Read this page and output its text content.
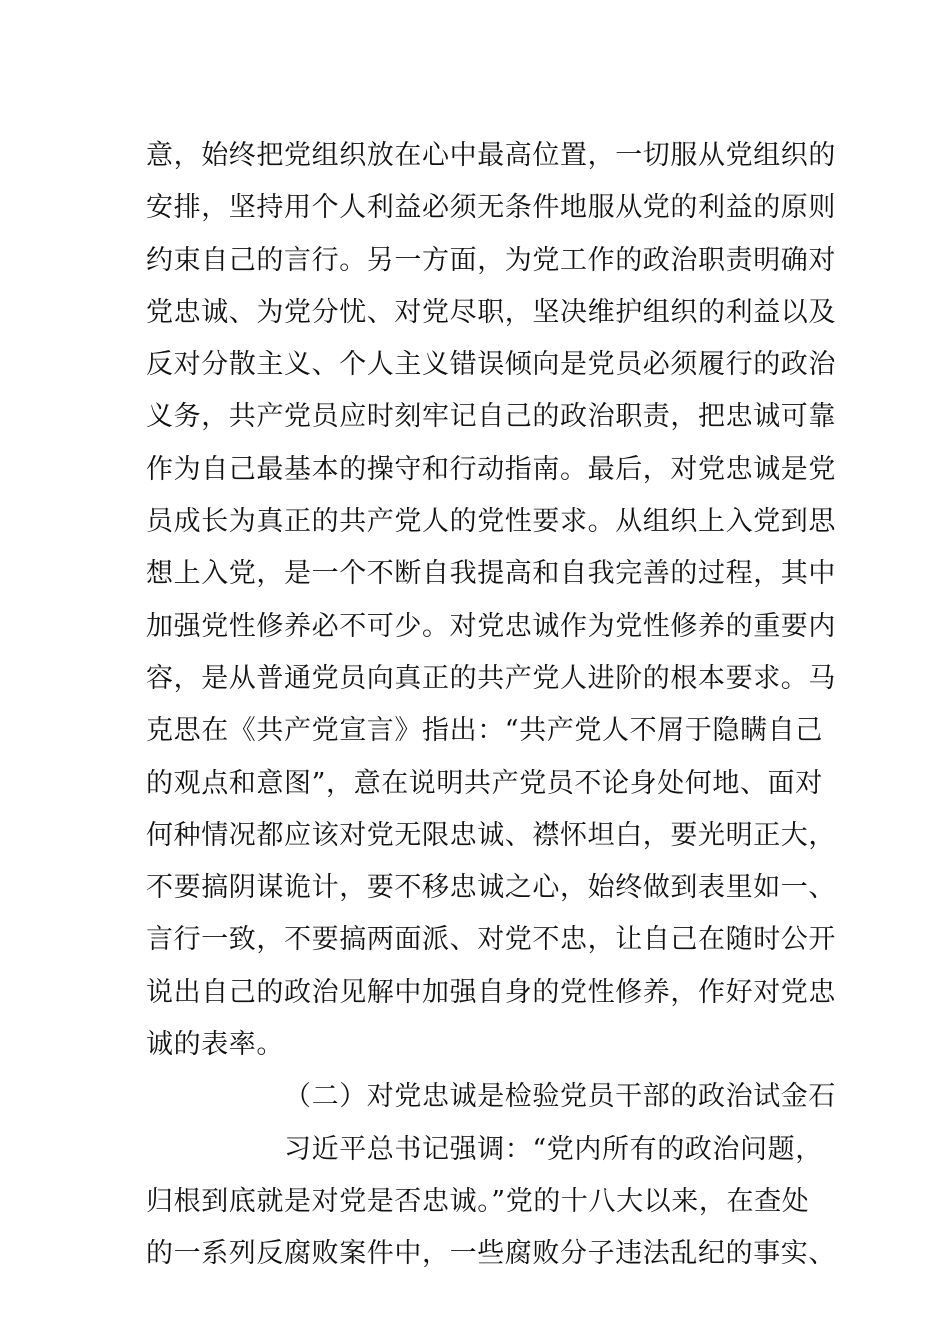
意，始终把党组织放在心中最高位置，一切服从党组织的
安排，坚持用个人利益必须无条件地服从党的利益的原则
约束自己的言行。另一方面，为党工作的政治职责明确对
党忠诚、为党分忧、对党尽职，坚决维护组织的利益以及
反对分散主义、个人主义错误倾向是党员必须履行的政治
义务，共产党员应时刻牢记自己的政治职责，把忠诚可靠
作为自己最基本的操守和行动指南。最后，对党忠诚是党
员成长为真正的共产党人的党性要求。从组织上入党到思
想上入党，是一个不断自我提高和自我完善的过程，其中
加强党性修养必不可少。对党忠诚作为党性修养的重要内
容，是从普通党员向真正的共产党人进阶的根本要求。马
克思在《共产党宣言》指出：“共产党人不屑于隐瞒自己
的观点和意图”，意在说明共产党员不论身处何地、面对
何种情况都应该对党无限忠诚、襟怀坦白，要光明正大，
不要搞阴谋诡计，要不移忠诚之心，始终做到表里如一、
言行一致，不要搞两面派、对党不忠，让自己在随时公开
说出自己的政治见解中加强自身的党性修养，作好对党忠
诚的表率。
（二）对党忠诚是检验党员干部的政治试金石
习近平总书记强调：“党内所有的政治问题，
归根到底就是对党是否忠诚。”党的十八大以来，在查处
的一系列反腐败案件中，一些腐败分子违法乱纪的事实、
